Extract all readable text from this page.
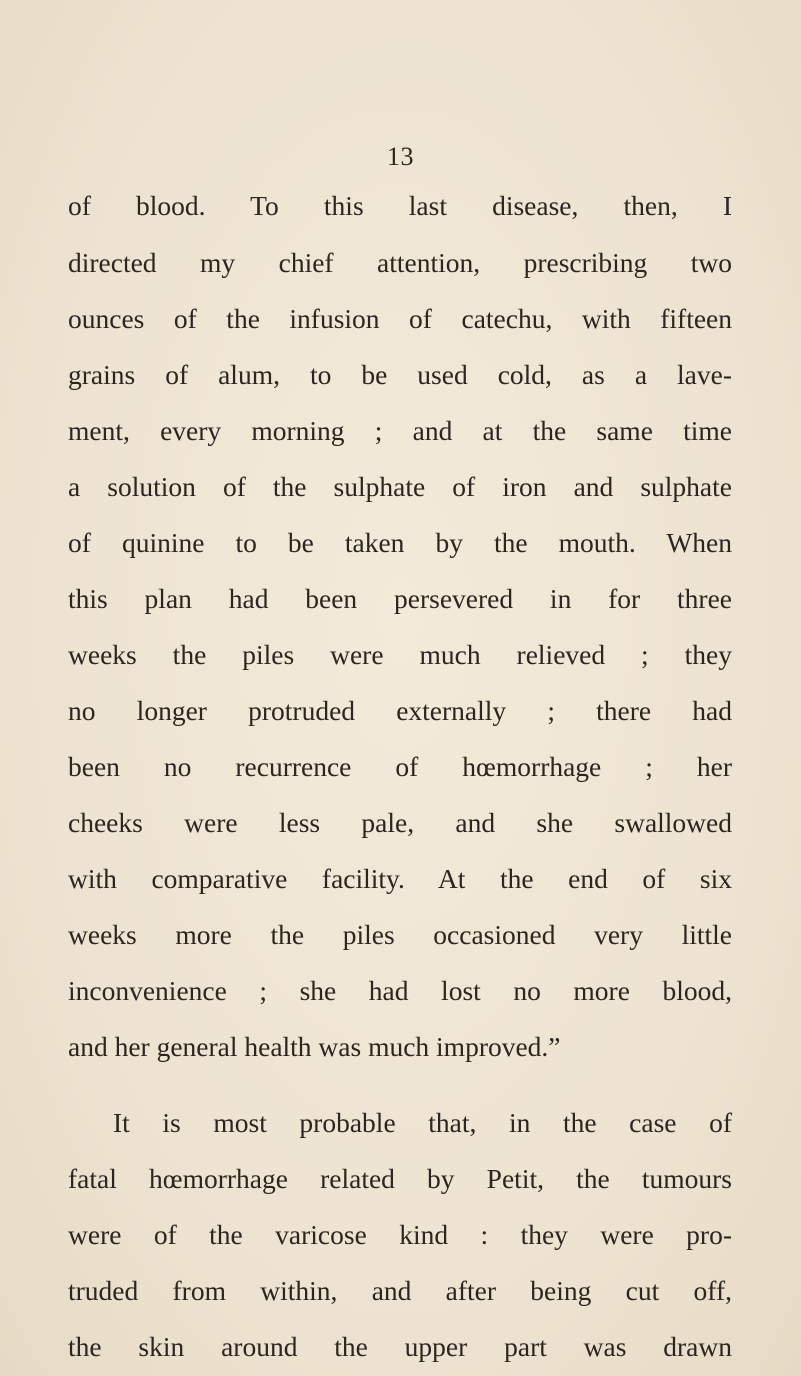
13
of blood. To this last disease, then, I
directed my chief attention, prescribing two
ounces of the infusion of catechu, with fifteen
grains of alum, to be used cold, as a lave-
ment, every morning ; and at the same time
a solution of the sulphate of iron and sulphate
of quinine to be taken by the mouth. When
this plan had been persevered in for three
weeks the piles were much relieved ; they
no longer protruded externally ; there had
been no recurrence of hœmorrhage ; her
cheeks were less pale, and she swallowed
with comparative facility. At the end of six
weeks more the piles occasioned very little
inconvenience ; she had lost no more blood,
and her general health was much improved.”
It is most probable that, in the case of
fatal hœmorrhage related by Petit, the tumours
were of the varicose kind : they were pro-
truded from within, and after being cut off,
the skin around the upper part was drawn
